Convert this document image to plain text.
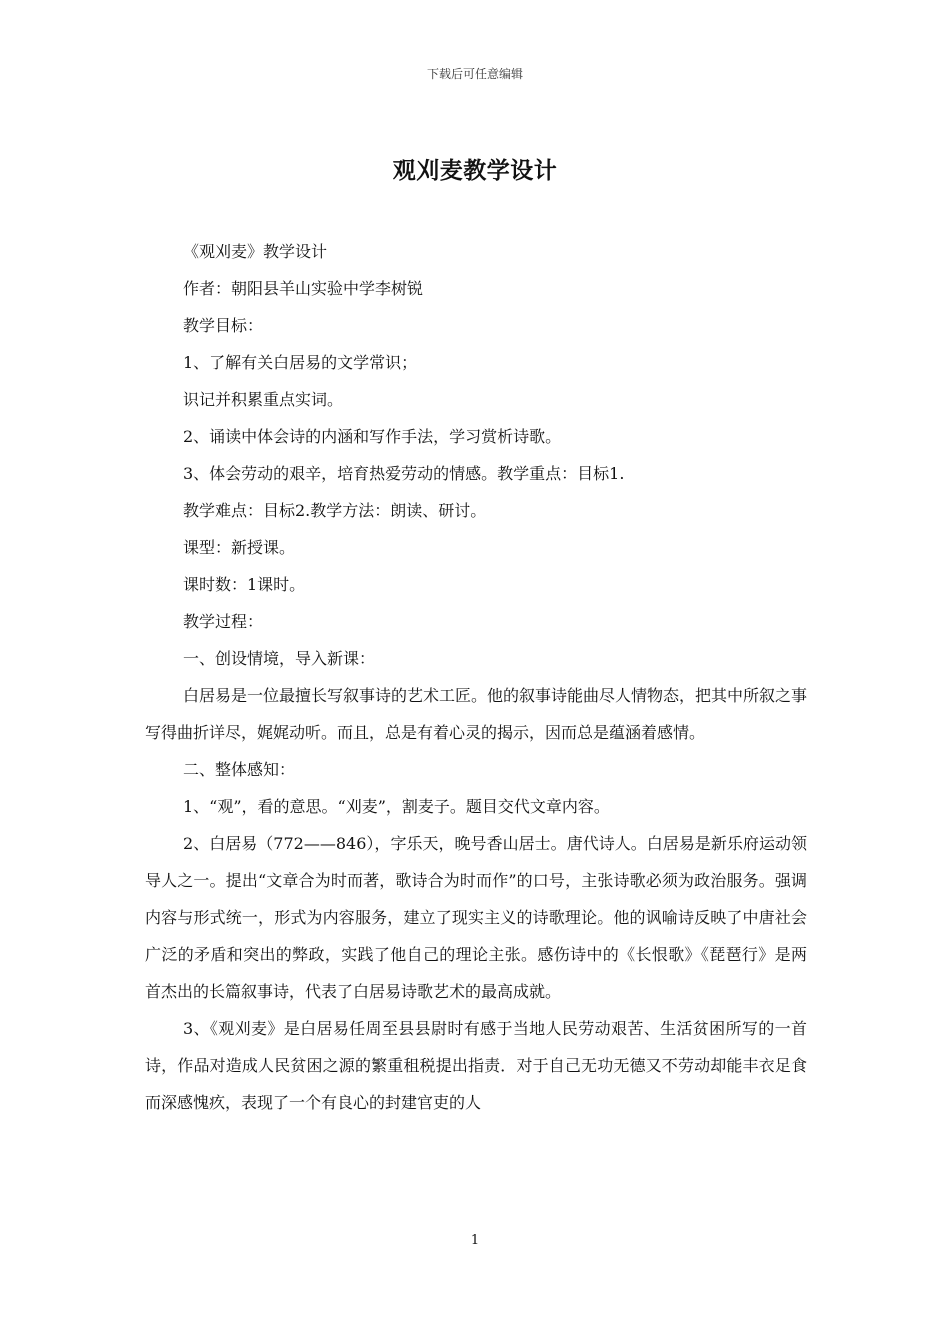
下载后可任意编辑
观刈麦教学设计

《观刈麦》教学设计

作者：朝阳县羊山实验中学李树锐

教学目标：

1、了解有关白居易的文学常识；

识记并积累重点实词。

2、诵读中体会诗的内涵和写作手法，学习赏析诗歌。

3、体会劳动的艰辛，培育热爱劳动的情感。教学重点：目标1.

教学难点：目标2.教学方法：朗读、研讨。

课型：新授课。

课时数：1课时。

教学过程：

一、创设情境，导入新课：

白居易是一位最擅长写叙事诗的艺术工匠。他的叙事诗能曲尽人情物态，把其中所叙之事写得曲折详尽，娓娓动听。而且，总是有着心灵的揭示，因而总是蕴涵着感情。

二、整体感知：

1、“观”，看的意思。“刈麦”，割麦子。题目交代文章内容。

2、白居易（772——846），字乐天，晚号香山居士。唐代诗人。白居易是新乐府运动领导人之一。提出“文章合为时而著，歌诗合为时而作”的口号，主张诗歌必须为政治服务。强调内容与形式统一，形式为内容服务，建立了现实主义的诗歌理论。他的讽喻诗反映了中唐社会广泛的矛盾和突出的弊政，实践了他自己的理论主张。感伤诗中的《长恨歌》《琵琶行》是两首杰出的长篇叙事诗，代表了白居易诗歌艺术的最高成就。

3、《观刈麦》是白居易任周至县县尉时有感于当地人民劳动艰苦、生活贫困所写的一首诗，作品对造成人民贫困之源的繁重租税提出指责．对于自己无功无德又不劳动却能丰衣足食而深感愧疚，表现了一个有良心的封建官吏的人

1
